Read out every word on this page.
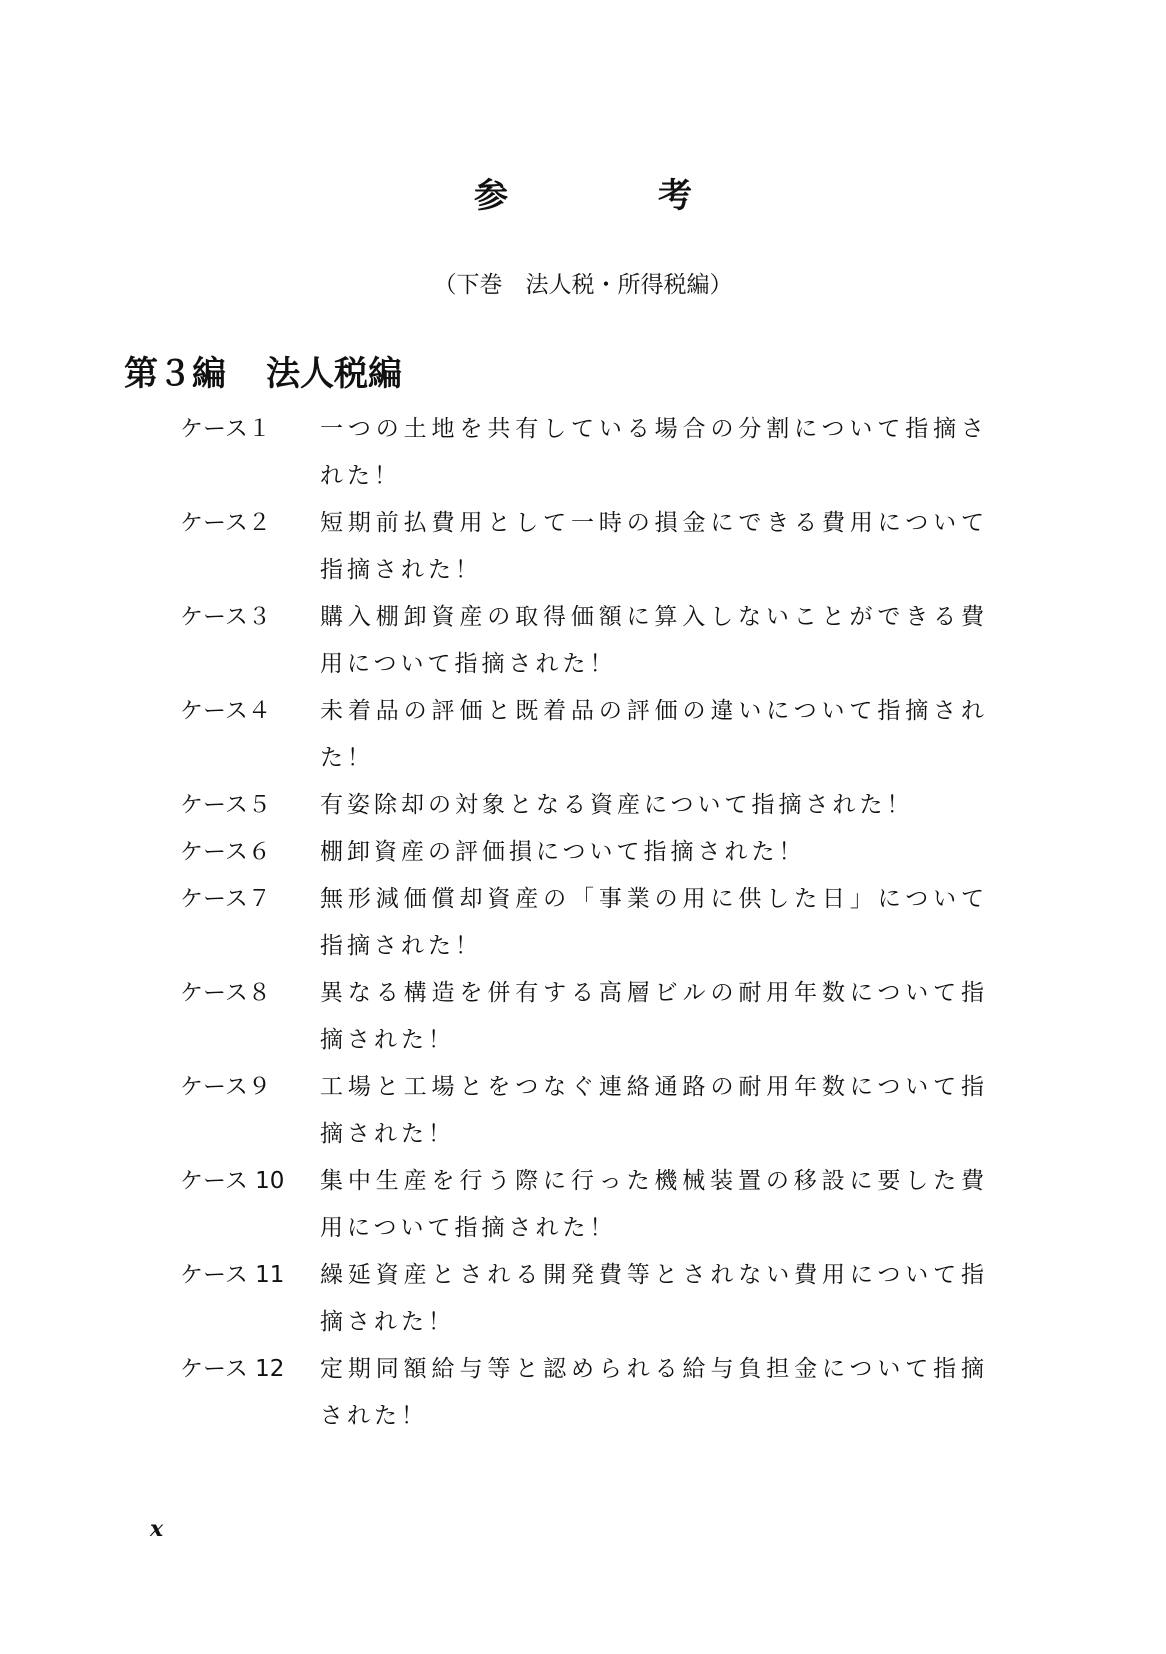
参	考
（下巻　法人税・所得税編）
第３編 法人税編
ケース１	一つの土地を共有している場合の分割について指摘された！
ケース２	短期前払費用として一時の損金にできる費用について指摘された！
ケース３	購入棚卸資産の取得価額に算入しないことができる費用について指摘された！
ケース４	未着品の評価と既着品の評価の違いについて指摘された！
ケース５	有姿除却の対象となる資産について指摘された！
ケース６	棚卸資産の評価損について指摘された！
ケース７	無形減価償却資産の「事業の用に供した日」について指摘された！
ケース８	異なる構造を併有する高層ビルの耐用年数について指摘された！
ケース９	工場と工場とをつなぐ連絡通路の耐用年数について指摘された！
ケース 10	集中生産を行う際に行った機械装置の移設に要した費用について指摘された！
ケース 11	繰延資産とされる開発費等とされない費用について指摘された！
ケース 12	定期同額給与等と認められる給与負担金について指摘された！
x
